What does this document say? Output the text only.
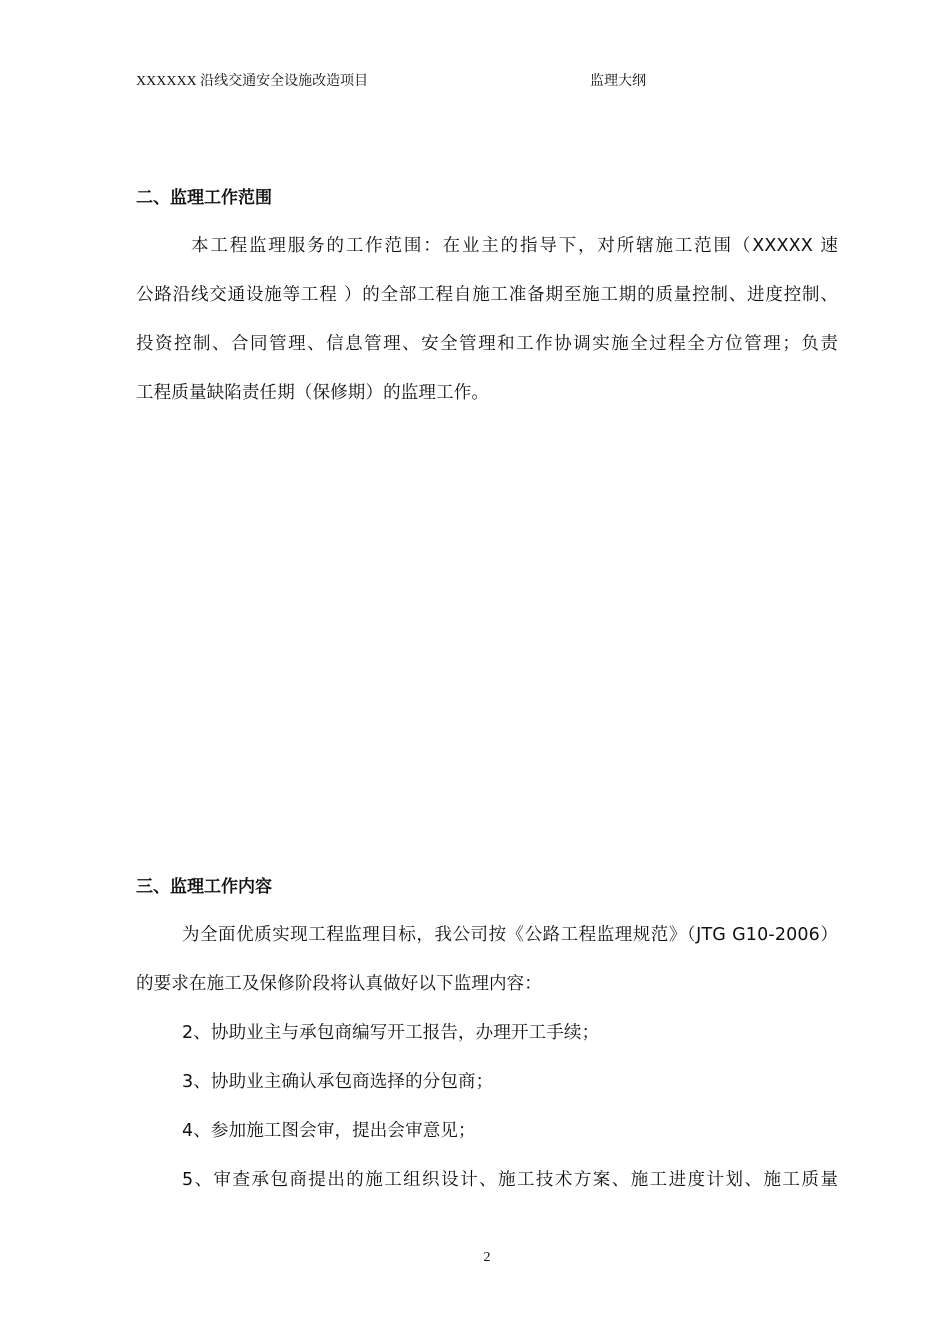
XXXXXX 沿线交通安全设施改造项目	监理大纲
二、监理工作范围
本工程监理服务的工作范围：在业主的指导下，对所辖施工范围（XXXXX 速
公路沿线交通设施等工程 ）的全部工程自施工准备期至施工期的质量控制、进度控制、
投资控制、合同管理、信息管理、安全管理和工作协调实施全过程全方位管理；负责
工程质量缺陷责任期（保修期）的监理工作。
三、监理工作内容
为全面优质实现工程监理目标，我公司按《公路工程监理规范》（JTG G10-2006）
的要求在施工及保修阶段将认真做好以下监理内容：
2、协助业主与承包商编写开工报告，办理开工手续；
3、协助业主确认承包商选择的分包商；
4、参加施工图会审，提出会审意见；
5、审查承包商提出的施工组织设计、施工技术方案、施工进度计划、施工质量
2
